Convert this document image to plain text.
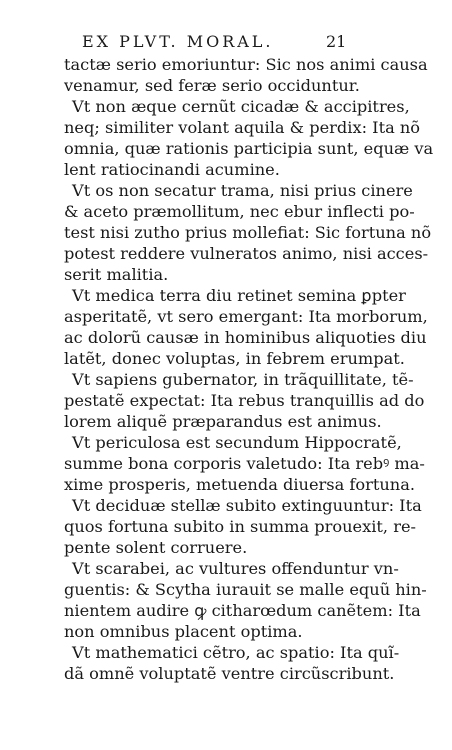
EX PLVT. MORAL.	21
tactæ serio emoriuntur: Sic nos animi causa
venamur, sed feræ serio occiduntur.
Vt non æque cernũt cicadæ & accipitres,
neq; similiter volant aquila & perdix: Ita nõ
omnia, quæ rationis participia sunt, equæ va
lent ratiocinandi acumine.
Vt os non secatur trama, nisi prius cinere
& aceto præmollitum, nec ebur inflecti po-
test nisi zutho prius mollefiat: Sic fortuna nõ
potest reddere vulneratos animo, nisi acces-
serit malitia.
Vt medica terra diu retinet semina ꝑpter
asperitatẽ, vt sero emergant: Ita morborum,
ac dolorũ causæ in hominibus aliquoties diu
latẽt, donec voluptas, in febrem erumpat.
Vt sapiens gubernator, in trãquillitate, tẽ-
pestatẽ expectat: Ita rebus tranquillis ad do
lorem aliquẽ præparandus est animus.
Vt periculosa est secundum Hippocratẽ,
summe bona corporis valetudo: Ita rebꝰ ma-
xime prosperis, metuenda diuersa fortuna.
Vt deciduæ stellæ subito extinguuntur: Ita
quos fortuna subito in summa prouexit, re-
pente solent corruere.
Vt scarabei, ac vultures offenduntur vn-
guentis: & Scytha iurauit se malle equũ hin-
nientem audire ꝙ citharœdum canẽtem: Ita
non omnibus placent optima.
Vt mathematici cẽtro, ac spatio: Ita quĩ-
dã omnẽ voluptatẽ ventre circũscribunt.
